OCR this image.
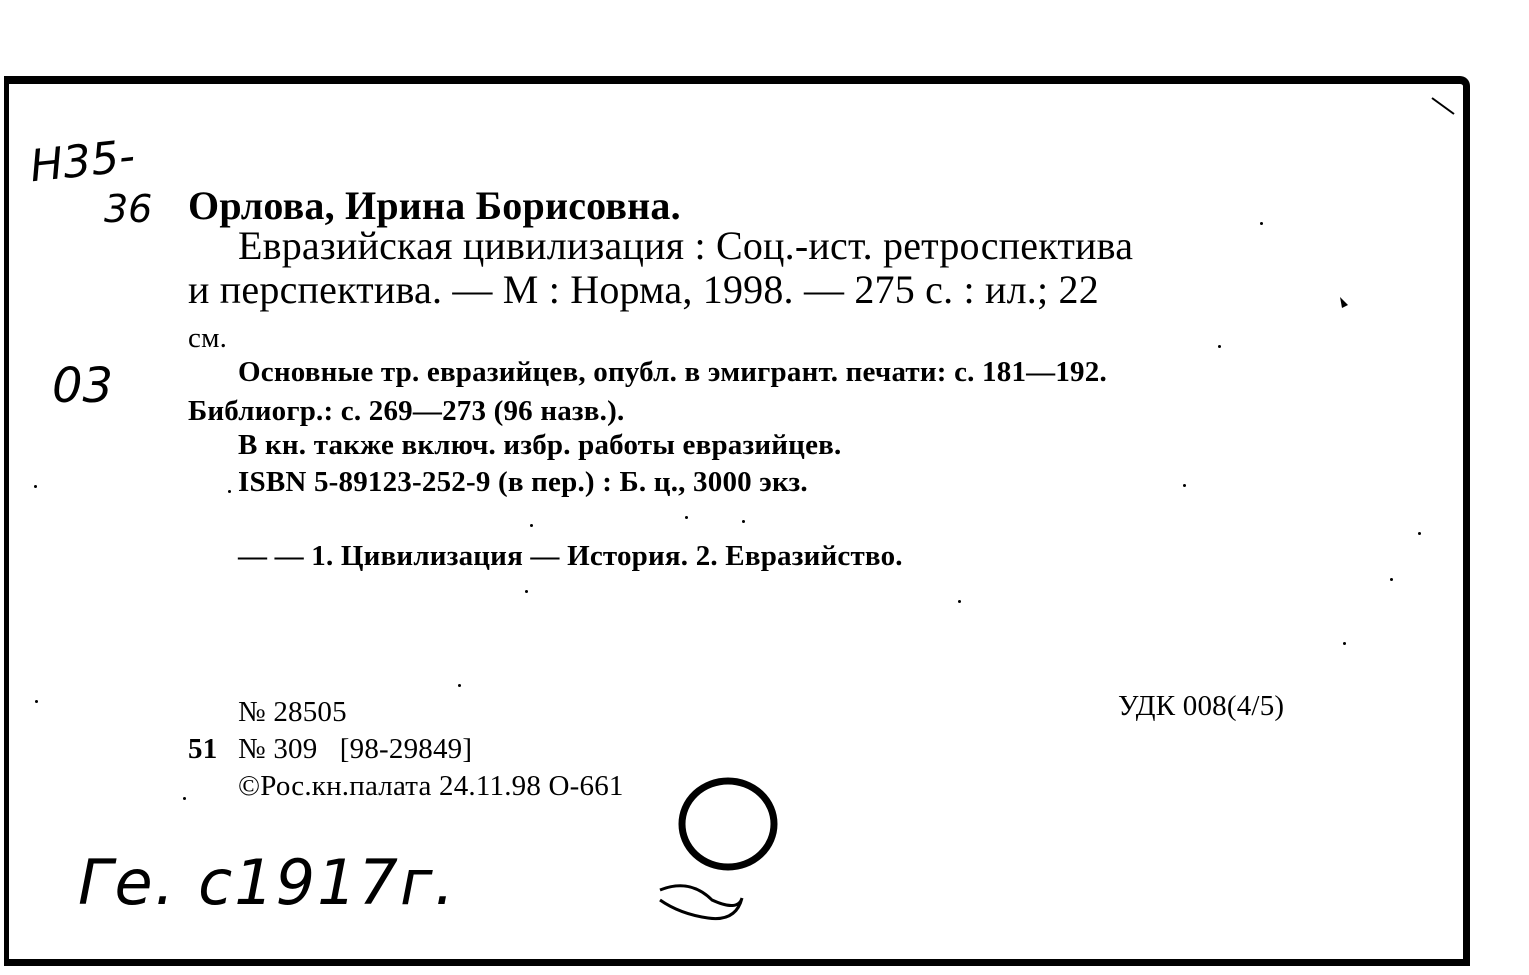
Н35-
36
03
Ге. с1917г.
Орлова, Ирина Борисовна.
Евразийская цивилизация : Соц.-ист. ретроспектива
и перспектива. — М : Норма, 1998. — 275 с. : ил.; 22
см.
Основные тр. евразийцев, опубл. в эмигрант. печати: с. 181—192.
Библиогр.: с. 269—273 (96 назв.).
В кн. также включ. избр. работы евразийцев.
ISBN 5-89123-252-9 (в пер.) : Б. ц., 3000 экз.
— — 1. Цивилизация — История. 2. Евразийство.
№ 28505	УДК 008(4/5)
51 № 309   [98-29849]
©Рос.кн.палата 24.11.98 О-661
